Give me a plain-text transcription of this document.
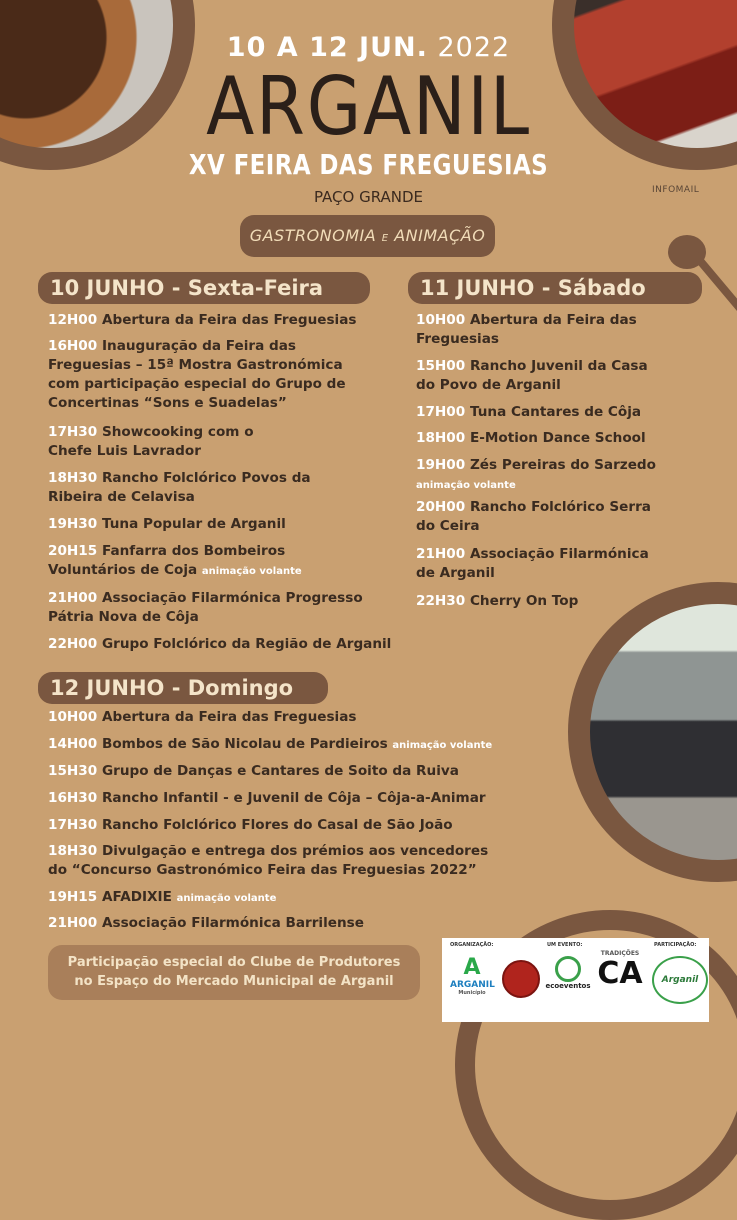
10 A 12 JUN. 2022
ARGANIL
XV FEIRA DAS FREGUESIAS
PAÇO GRANDE	INFOMAIL
GASTRONOMIA E ANIMAÇÃO
10 JUNHO - Sexta-Feira	11 JUNHO - Sábado
12 JUNHO - Domingo
12H00 Abertura da Feira das Freguesias
16H00 Inauguração da Feira das
Freguesias – 15ª Mostra Gastronómica
com participação especial do Grupo de
Concertinas “Sons e Suadelas”
17H30 Showcooking com o
Chefe Luis Lavrador
18H30 Rancho Folclórico Povos da
Ribeira de Celavisa
19H30 Tuna Popular de Arganil
20H15 Fanfarra dos Bombeiros
Voluntários de Coja animação volante
21H00 Associação Filarmónica Progresso
Pátria Nova de Côja
22H00 Grupo Folclórico da Região de Arganil
10H00 Abertura da Feira das
Freguesias
15H00 Rancho Juvenil da Casa
do Povo de Arganil
17H00 Tuna Cantares de Côja
18H00 E-Motion Dance School
19H00 Zés Pereiras do Sarzedo
animação volante
20H00 Rancho Folclórico Serra
do Ceira
21H00 Associação Filarmónica
de Arganil
22H30 Cherry On Top
10H00 Abertura da Feira das Freguesias
14H00 Bombos de São Nicolau de Pardieiros animação volante
15H30 Grupo de Danças e Cantares de Soito da Ruiva
16H30 Rancho Infantil - e Juvenil de Côja – Côja-a-Animar
17H30 Rancho Folclórico Flores do Casal de São João
18H30 Divulgação e entrega dos prémios aos vencedores
do “Concurso Gastronómico Feira das Freguesias 2022”
19H15 AFADIXIE animação volante
21H00 Associação Filarmónica Barrilense
Participação especial do Clube de Produtores
no Espaço do Mercado Municipal de Arganil
ORGANIZAÇÃO:	UM EVENTO:	PARTICIPAÇÃO:
A
ARGANIL
Município
ecoeventos
TRADIÇÕES
CA	Arganil
